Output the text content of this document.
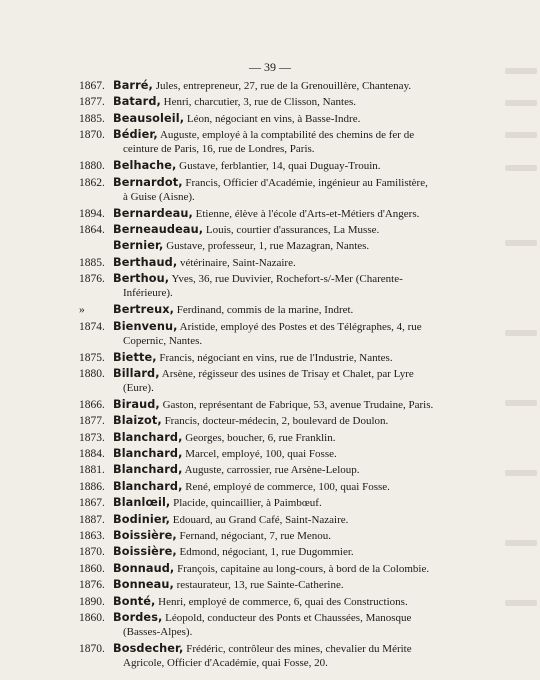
— 39 —
1867. Barré, Jules, entrepreneur, 27, rue de la Grenouillère, Chantenay.
1877. Batard, Henri, charcutier, 3, rue de Clisson, Nantes.
1885. Beausoleil, Léon, négociant en vins, à Basse-Indre.
1870. Bédier, Auguste, employé à la comptabilité des chemins de fer de
ceinture de Paris, 16, rue de Londres, Paris.
1880. Belhache, Gustave, ferblantier, 14, quai Duguay-Trouin.
1862. Bernardot, Francis, Officier d'Académie, ingénieur au Familistère,
à Guise (Aisne).
1894. Bernardeau, Etienne, élève à l'école d'Arts-et-Métiers d'Angers.
1864. Berneaudeau, Louis, courtier d'assurances, La Musse.
Bernier, Gustave, professeur, 1, rue Mazagran, Nantes.
1885. Berthaud, vétérinaire, Saint-Nazaire.
1876. Berthou, Yves, 36, rue Duvivier, Rochefort-s/-Mer (Charente-
Inférieure).
»	Bertreux, Ferdinand, commis de la marine, Indret.
1874. Bienvenu, Aristide, employé des Postes et des Télégraphes, 4, rue
Copernic, Nantes.
1875. Biette, Francis, négociant en vins, rue de l'Industrie, Nantes.
1880. Billard, Arsène, régisseur des usines de Trisay et Chalet, par Lyre
(Eure).
1866. Biraud, Gaston, représentant de Fabrique, 53, avenue Trudaine, Paris.
1877. Blaizot, Francis, docteur-médecin, 2, boulevard de Doulon.
1873. Blanchard, Georges, boucher, 6, rue Franklin.
1884. Blanchard, Marcel, employé, 100, quai Fosse.
1881. Blanchard, Auguste, carrossier, rue Arsène-Leloup.
1886. Blanchard, René, employé de commerce, 100, quai Fosse.
1867. Blanlœil, Placide, quincaillier, à Paimbœuf.
1887. Bodinier, Edouard, au Grand Café, Saint-Nazaire.
1863. Boissière, Fernand, négociant, 7, rue Menou.
1870. Boissière, Edmond, négociant, 1, rue Dugommier.
1860. Bonnaud, François, capitaine au long-cours, à bord de la Colombie.
1876. Bonneau, restaurateur, 13, rue Sainte-Catherine.
1890. Bonté, Henri, employé de commerce, 6, quai des Constructions.
1860. Bordes, Léopold, conducteur des Ponts et Chaussées, Manosque
(Basses-Alpes).
1870. Bosdecher, Frédéric, contrôleur des mines, chevalier du Mérite
Agricole, Officier d'Académie, quai Fosse, 20.
